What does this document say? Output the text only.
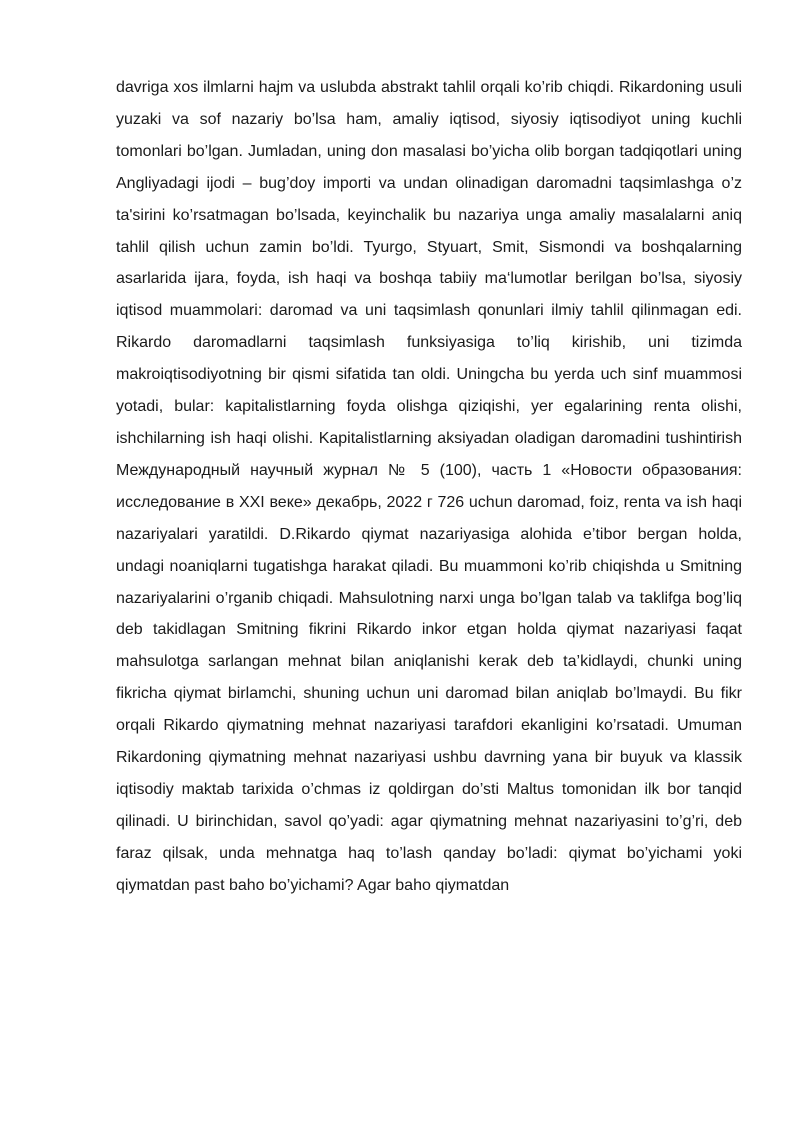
davriga xos ilmlarni hajm va uslubda abstrakt tahlil orqali ko’rib chiqdi. Rikardoning usuli yuzaki va sof nazariy bo’lsa ham, amaliy iqtisod, siyosiy iqtisodiyot uning kuchli tomonlari bo’lgan. Jumladan, uning don masalasi bo’yicha olib borgan tadqiqotlari uning Angliyadagi ijodi – bug’doy importi va undan olinadigan daromadni taqsimlashga o’z ta'sirini ko’rsatmagan bo’lsada, keyinchalik bu nazariya unga amaliy masalalarni aniq tahlil qilish uchun zamin bo’ldi. Tyurgo, Styuart, Smit, Sismondi va boshqalarning asarlarida ijara, foyda, ish haqi va boshqa tabiiy ma‘lumotlar berilgan bo’lsa, siyosiy iqtisod muammolari: daromad va uni taqsimlash qonunlari ilmiy tahlil qilinmagan edi. Rikardo daromadlarni taqsimlash funksiyasiga to’liq kirishib, uni tizimda makroiqtisodiyotning bir qismi sifatida tan oldi. Uningcha bu yerda uch sinf muammosi yotadi, bular: kapitalistlarning foyda olishga qiziqishi, yer egalarining renta olishi, ishchilarning ish haqi olishi. Kapitalistlarning aksiyadan oladigan daromadini tushintirish Международный научный журнал № 5 (100), часть 1 «Новости образования: исследование в XXI веке» декабрь, 2022 г 726 uchun daromad, foiz, renta va ish haqi nazariyalari yaratildi. D.Rikardo qiymat nazariyasiga alohida e’tibor bergan holda, undagi noaniqlarni tugatishga harakat qiladi. Bu muammoni ko’rib chiqishda u Smitning nazariyalarini o’rganib chiqadi. Mahsulotning narxi unga bo’lgan talab va taklifga bog’liq deb takidlagan Smitning fikrini Rikardo inkor etgan holda qiymat nazariyasi faqat mahsulotga sarlangan mehnat bilan aniqlanishi kerak deb ta’kidlaydi, chunki uning fikricha qiymat birlamchi, shuning uchun uni daromad bilan aniqlab bo’lmaydi. Bu fikr orqali Rikardo qiymatning mehnat nazariyasi tarafdori ekanligini ko’rsatadi. Umuman Rikardoning qiymatning mehnat nazariyasi ushbu davrning yana bir buyuk va klassik iqtisodiy maktab tarixida o’chmas iz qoldirgan do’sti Maltus tomonidan ilk bor tanqid qilinadi. U birinchidan, savol qo’yadi: agar qiymatning mehnat nazariyasini to’g’ri, deb faraz qilsak, unda mehnatga haq to’lash qanday bo’ladi: qiymat bo’yichami yoki qiymatdan past baho bo’yichami? Agar baho qiymatdan
